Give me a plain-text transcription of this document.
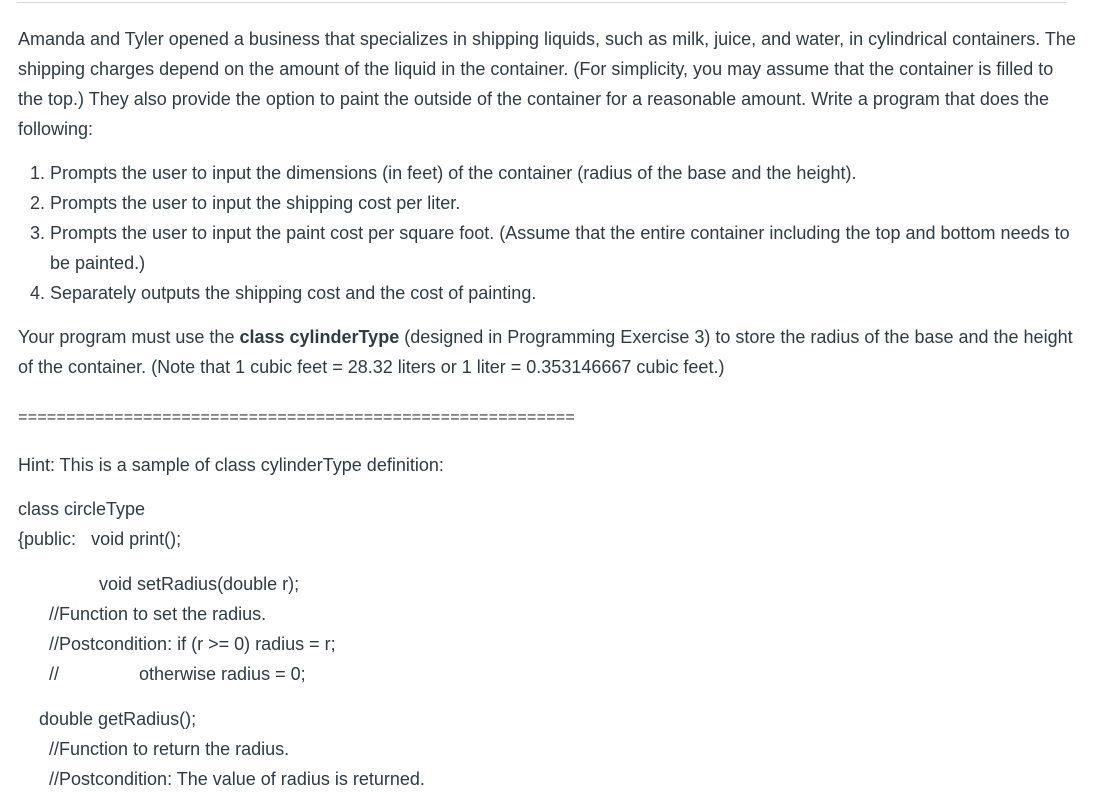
Amanda and Tyler opened a business that specializes in shipping liquids, such as milk, juice, and water, in cylindrical containers. The shipping charges depend on the amount of the liquid in the container. (For simplicity, you may assume that the container is filled to the top.) They also provide the option to paint the outside of the container for a reasonable amount. Write a program that does the following:

1. Prompts the user to input the dimensions (in feet) of the container (radius of the base and the height).
2. Prompts the user to input the shipping cost per liter.
3. Prompts the user to input the paint cost per square foot. (Assume that the entire container including the top and bottom needs to be painted.)
4. Separately outputs the shipping cost and the cost of painting.

Your program must use the class cylinderType (designed in Programming Exercise 3) to store the radius of the base and the height of the container. (Note that 1 cubic feet = 28.32 liters or 1 liter = 0.353146667 cubic feet.)

==========================================================

Hint: This is a sample of class cylinderType definition:

class circleType

{public: void print();

void setRadius(double r);

//Function to set the radius.

//Postcondition: if (r >= 0) radius = r;

//	otherwise radius = 0;

double getRadius();

//Function to return the radius.

//Postcondition: The value of radius is returned.
